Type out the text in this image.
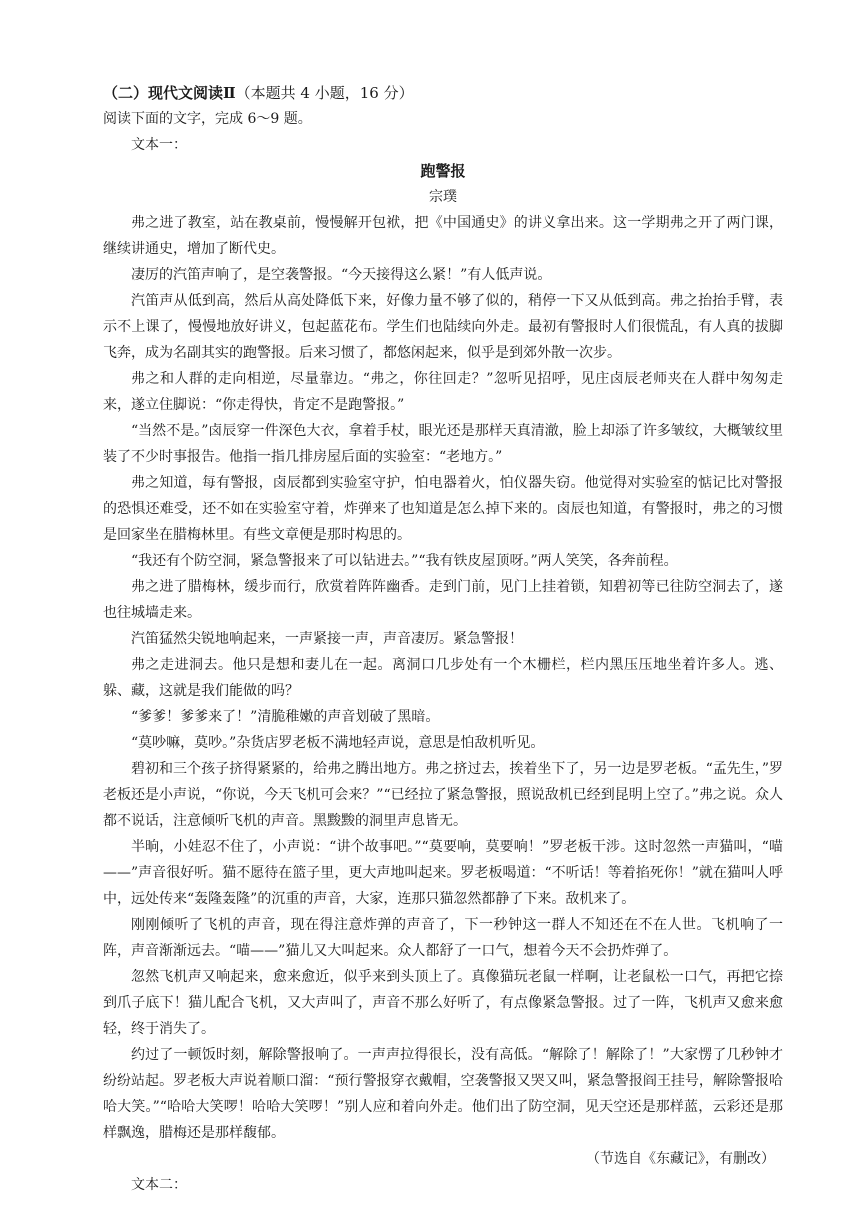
（二）现代文阅读Ⅱ（本题共 4 小题，16 分）

阅读下面的文字，完成 6～9 题。

文本一：

跑警报

宗璞

弗之进了教室，站在教桌前，慢慢解开包袱，把《中国通史》的讲义拿出来。这一学期弗之开了两门课，继续讲通史，增加了断代史。

凄厉的汽笛声响了，是空袭警报。“今天接得这么紧！”有人低声说。

汽笛声从低到高，然后从高处降低下来，好像力量不够了似的，稍停一下又从低到高。弗之抬抬手臂，表示不上课了，慢慢地放好讲义，包起蓝花布。学生们也陆续向外走。最初有警报时人们很慌乱，有人真的拔脚飞奔，成为名副其实的跑警报。后来习惯了，都悠闲起来，似乎是到郊外散一次步。

弗之和人群的走向相逆，尽量靠边。“弗之，你往回走？”忽听见招呼，见庄卤辰老师夹在人群中匆匆走来，遂立住脚说：“你走得快，肯定不是跑警报。”

“当然不是。”卤辰穿一件深色大衣，拿着手杖，眼光还是那样天真清澈，脸上却添了许多皱纹，大概皱纹里装了不少时事报告。他指一指几排房屋后面的实验室：“老地方。”

弗之知道，每有警报，卤辰都到实验室守护，怕电器着火，怕仪器失窃。他觉得对实验室的惦记比对警报的恐惧还难受，还不如在实验室守着，炸弹来了也知道是怎么掉下来的。卤辰也知道，有警报时，弗之的习惯是回家坐在腊梅林里。有些文章便是那时构思的。

“我还有个防空洞，紧急警报来了可以钻进去。”“我有铁皮屋顶呀。”两人笑笑，各奔前程。

弗之进了腊梅林，缓步而行，欣赏着阵阵幽香。走到门前，见门上挂着锁，知碧初等已往防空洞去了，遂也往城墙走来。

汽笛猛然尖锐地响起来，一声紧接一声，声音凄厉。紧急警报！

弗之走进洞去。他只是想和妻儿在一起。离洞口几步处有一个木栅栏，栏内黑压压地坐着许多人。逃、躲、藏，这就是我们能做的吗？

“爹爹！爹爹来了！”清脆稚嫩的声音划破了黑暗。

“莫吵嘛，莫吵。”杂货店罗老板不满地轻声说，意思是怕敌机听见。

碧初和三个孩子挤得紧紧的，给弗之腾出地方。弗之挤过去，挨着坐下了，另一边是罗老板。“孟先生，”罗老板还是小声说，“你说，今天飞机可会来？”“已经拉了紧急警报，照说敌机已经到昆明上空了。”弗之说。众人都不说话，注意倾听飞机的声音。黑黢黢的洞里声息皆无。

半晌，小娃忍不住了，小声说：“讲个故事吧。”“莫要响，莫要响！”罗老板干涉。这时忽然一声猫叫，“喵——”声音很好听。猫不愿待在篮子里，更大声地叫起来。罗老板喝道：“不听话！等着掐死你！”就在猫叫人呼中，远处传来“轰隆轰隆”的沉重的声音，大家，连那只猫忽然都静了下来。敌机来了。

刚刚倾听了飞机的声音，现在得注意炸弹的声音了，下一秒钟这一群人不知还在不在人世。飞机响了一阵，声音渐渐远去。“喵——”猫儿又大叫起来。众人都舒了一口气，想着今天不会扔炸弹了。

忽然飞机声又响起来，愈来愈近，似乎来到头顶上了。真像猫玩老鼠一样啊，让老鼠松一口气，再把它捺到爪子底下！猫儿配合飞机，又大声叫了，声音不那么好听了，有点像紧急警报。过了一阵，飞机声又愈来愈轻，终于消失了。

约过了一顿饭时刻，解除警报响了。一声声拉得很长，没有高低。“解除了！解除了！”大家愣了几秒钟才纷纷站起。罗老板大声说着顺口溜：“预行警报穿衣戴帽，空袭警报又哭又叫，紧急警报阎王挂号，解除警报哈哈大笑。”“哈哈大笑啰！哈哈大笑啰！”别人应和着向外走。他们出了防空洞，见天空还是那样蓝，云彩还是那样飘逸，腊梅还是那样馥郁。

（节选自《东藏记》，有删改）

文本二：
